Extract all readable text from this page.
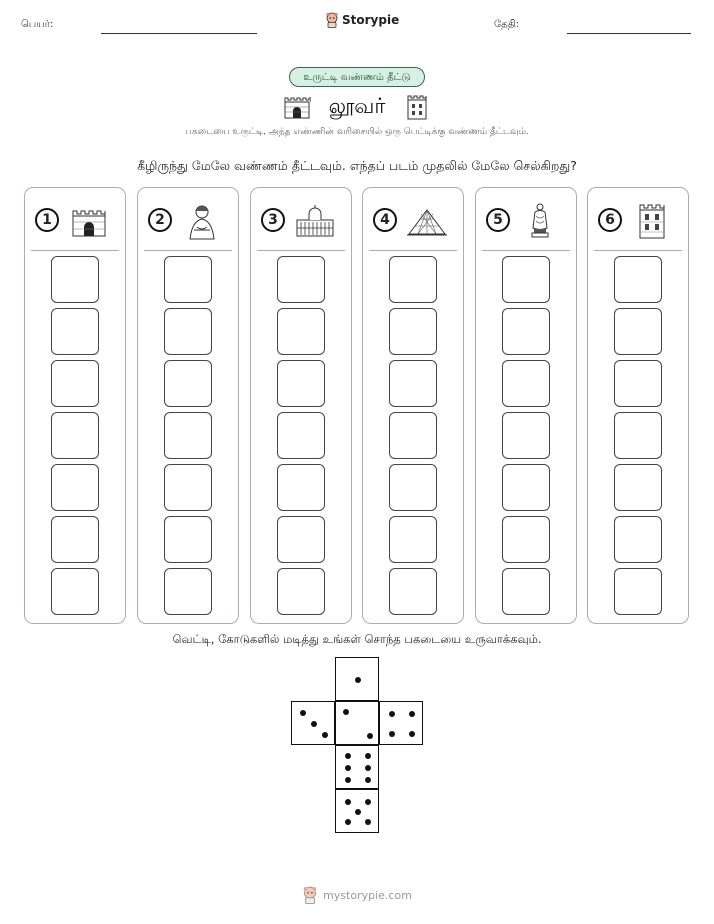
பெயர்:	Storypie	தேதி:
உருட்டி வண்ணம் தீட்டு
லூவர்
பகடையை உருட்டி, அந்த எண்ணின் வரிசையில் ஒரு பெட்டிக்கு வண்ணம் தீட்டவும்.
கீழிருந்து மேலே வண்ணம் தீட்டவும். எந்தப் படம் முதலில் மேலே செல்கிறது?
1	2	3	4	5	6
வெட்டி, கோடுகளில் மடித்து உங்கள் சொந்த பகடையை உருவாக்கவும்.
mystorypie.com
